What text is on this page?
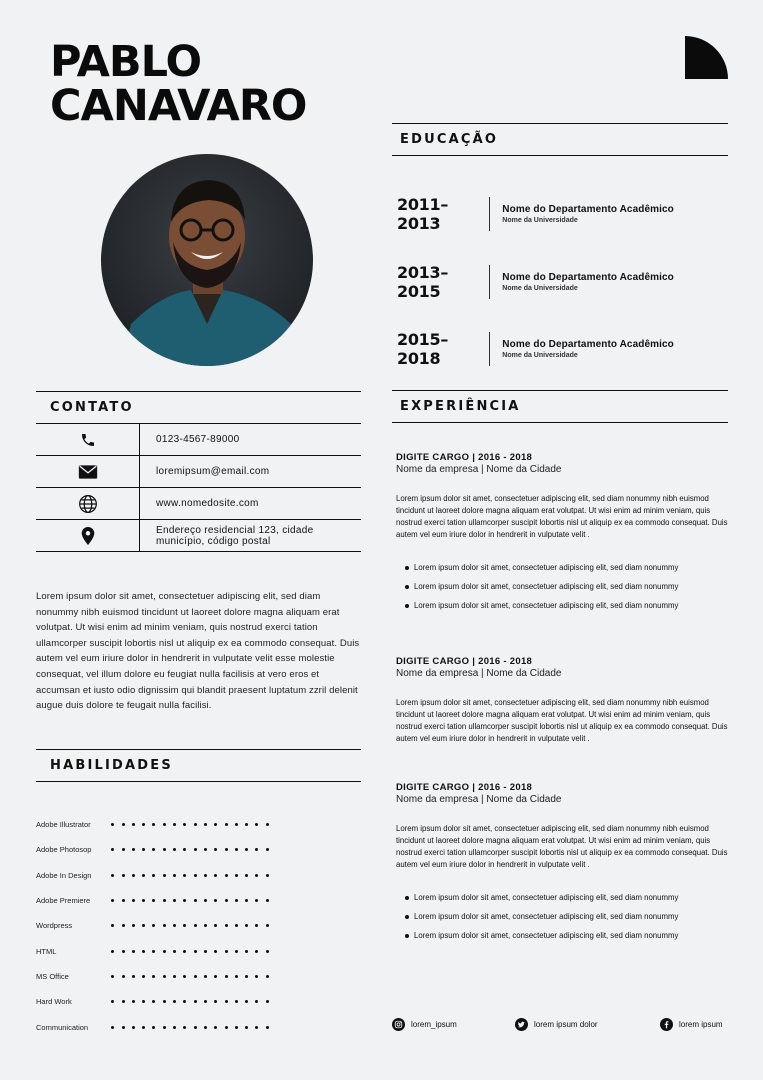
PABLO
CANAVARO
EDUCAÇÃO
2011–2013
Nome do Departamento Acadêmico
Nome da Universidade
2013–2015
Nome do Departamento Acadêmico
Nome da Universidade
2015–2018
Nome do Departamento Acadêmico
Nome da Universidade
CONTATO
0123-4567-89000
loremipsum@email.com
www.nomedosite.com
Endereço residencial 123, cidade
município, código postal
Lorem ipsum dolor sit amet, consectetuer adipiscing elit, sed diam nonummy nibh euismod tincidunt ut laoreet dolore magna aliquam erat volutpat. Ut wisi enim ad minim veniam, quis nostrud exerci tation ullamcorper suscipit lobortis nisl ut aliquip ex ea commodo consequat. Duis autem vel eum iriure dolor in hendrerit in vulputate velit esse molestie consequat, vel illum dolore eu feugiat nulla facilisis at vero eros et accumsan et iusto odio dignissim qui blandit praesent luptatum zzril delenit augue duis dolore te feugait nulla facilisi.
HABILIDADES
Adobe Illustrator
Adobe Photosop
Adobe In Design
Adobe Premiere
Wordpress
HTML
MS Office
Hard Work
Communication
EXPERIÊNCIA
DIGITE CARGO | 2016 - 2018
Nome da empresa | Nome da Cidade
Lorem ipsum dolor sit amet, consectetuer adipiscing elit, sed diam nonummy nibh euismod tincidunt ut laoreet dolore magna aliquam erat volutpat. Ut wisi enim ad minim veniam, quis nostrud exerci tation ullamcorper suscipit lobortis nisl ut aliquip ex ea commodo consequat. Duis autem vel eum iriure dolor in hendrerit in vulputate velit .
Lorem ipsum dolor sit amet, consectetuer adipiscing elit, sed diam nonummy
Lorem ipsum dolor sit amet, consectetuer adipiscing elit, sed diam nonummy
Lorem ipsum dolor sit amet, consectetuer adipiscing elit, sed diam nonummy
DIGITE CARGO | 2016 - 2018
Nome da empresa | Nome da Cidade
Lorem ipsum dolor sit amet, consectetuer adipiscing elit, sed diam nonummy nibh euismod tincidunt ut laoreet dolore magna aliquam erat volutpat. Ut wisi enim ad minim veniam, quis nostrud exerci tation ullamcorper suscipit lobortis nisl ut aliquip ex ea commodo consequat. Duis autem vel eum iriure dolor in hendrerit in vulputate velit .
DIGITE CARGO | 2016 - 2018
Nome da empresa | Nome da Cidade
Lorem ipsum dolor sit amet, consectetuer adipiscing elit, sed diam nonummy nibh euismod tincidunt ut laoreet dolore magna aliquam erat volutpat. Ut wisi enim ad minim veniam, quis nostrud exerci tation ullamcorper suscipit lobortis nisl ut aliquip ex ea commodo consequat. Duis autem vel eum iriure dolor in hendrerit in vulputate velit .
Lorem ipsum dolor sit amet, consectetuer adipiscing elit, sed diam nonummy
Lorem ipsum dolor sit amet, consectetuer adipiscing elit, sed diam nonummy
Lorem ipsum dolor sit amet, consectetuer adipiscing elit, sed diam nonummy
lorem_ipsum	lorem ipsum dolor	lorem ipsum
